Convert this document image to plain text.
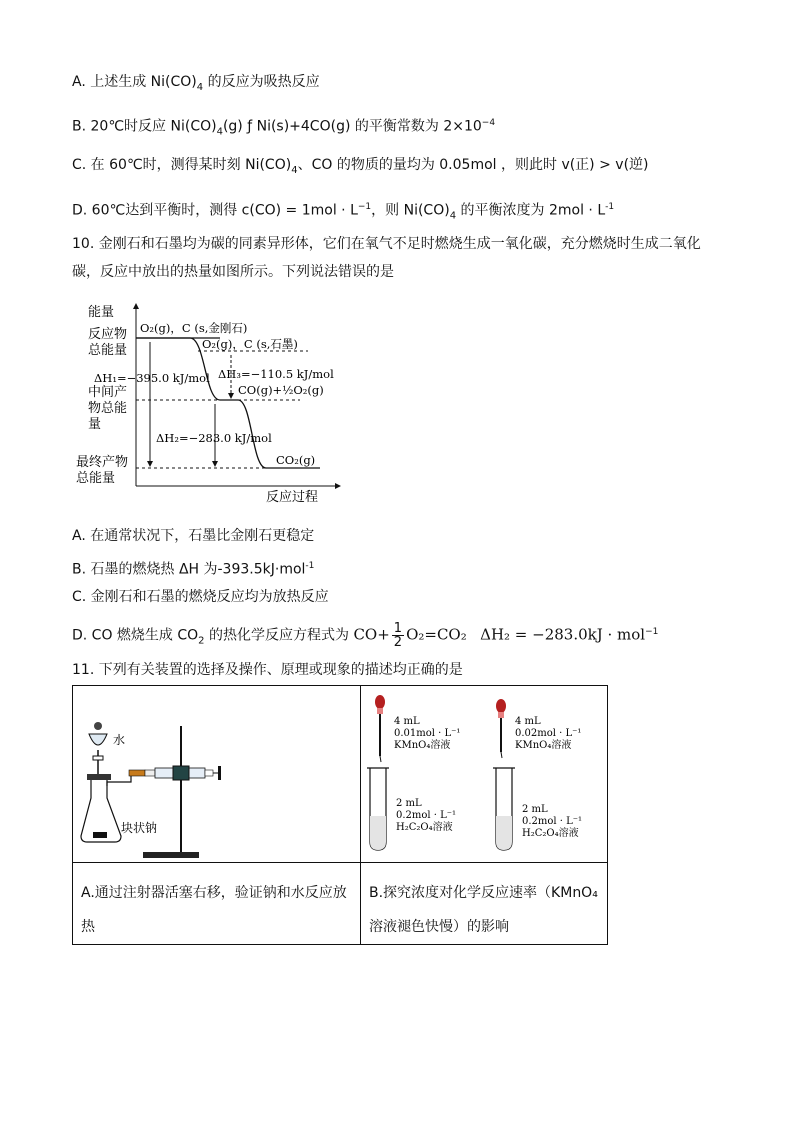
A. 上述生成 $Ni(CO)_4$ 的反应为吸热反应
B. 20℃时反应 $Ni(CO)_4(g)$ ƒ Ni(s)+4CO(g) 的平衡常数为 $2\times 10^{-4}$
C. 在 60℃时，测得某时刻 $Ni(CO)_4$、CO 的物质的量均为 0.05mol ，则此时 v(正) > v(逆)
D. 60℃达到平衡时，测得 $c(CO) = 1mol \cdot L^{-1}$，则 $Ni(CO)_4$ 的平衡浓度为 $2mol \cdot L^{-1}$
10. 金刚石和石墨均为碳的同素异形体，它们在氧气不足时燃烧生成一氧化碳，充分燃烧时生成二氧化
碳，反应中放出的热量如图所示。下列说法错误的是
能量
反应过程
反应物
总能量
中间产
物总能
量
最终产物
总能量
O₂(g)，C (s,金刚石)
O₂(g)，C (s,石墨)
CO(g)+½O₂(g)
CO₂(g)
ΔH₁=−395.0 kJ/mol ΔH₃=−110.5 kJ/mol
ΔH₂=−283.0 kJ/mol
A. 在通常状况下，石墨比金刚石更稳定
B. 石墨的燃烧热 ΔH 为-393.5kJ·mol$^{-1}$
C. 金刚石和石墨的燃烧反应均为放热反应
D. CO 燃烧生成 $CO_2$ 的热化学反应方程式为 $CO+ \frac{1}{2} O_2=CO_2$ ΔH₂ = −283.0kJ · mol$^{-1}$
11. 下列有关装置的选择及操作、原理或现象的描述均正确的是
水
块状钠
4 mL
0.01mol · L⁻¹
KMnO₄溶液
4 mL
0.02mol · L⁻¹
KMnO₄溶液
2 mL
0.2mol · L⁻¹
H₂C₂O₄溶液
2 mL
0.2mol · L⁻¹
H₂C₂O₄溶液
A.通过注射器活塞右移，验证钠和水反应放
热
B.探究浓度对化学反应速率（KMnO₄
溶液褪色快慢）的影响
